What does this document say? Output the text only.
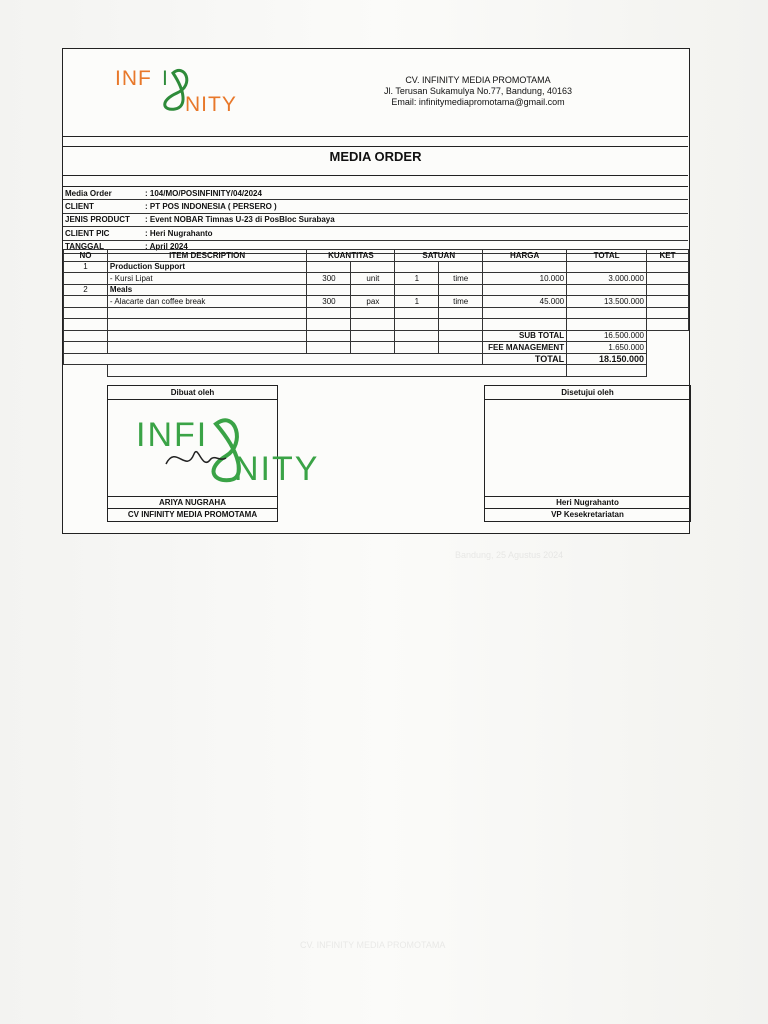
Bandung, 25 Agustus 2024
CV. INFINITY MEDIA PROMOTAMA
INF I
NITY
CV. INFINITY MEDIA PROMOTAMA
Jl. Terusan Sukamulya No.77, Bandung, 40163
Email: infinitymediapromotama@gmail.com
MEDIA ORDER
Media Order	: 104/MO/POSINFINITY/04/2024
CLIENT	: PT POS INDONESIA ( PERSERO )
JENIS PRODUCT	: Event NOBAR Timnas U-23 di PosBloc Surabaya
CLIENT PIC	: Heri Nugrahanto
TANGGAL	: April 2024
NO	ITEM DESCRIPTION	KUANTITAS		SATUAN		HARGA	TOTAL	KET
1	Production Support							
	- Kursi Lipat	300	unit	1	time	10.000	3.000.000	
2	Meals							
	- Alacarte dan coffee break	300	pax	1	time	45.000	13.500.000	

						SUB TOTAL	16.500.000	
						FEE MANAGEMENT	1.650.000	
						TOTAL	18.150.000	

Dibuat oleh
INFI
NITY
ARIYA NUGRAHA
CV INFINITY MEDIA PROMOTAMA
Disetujui oleh
Heri Nugrahanto
VP Kesekretariatan
